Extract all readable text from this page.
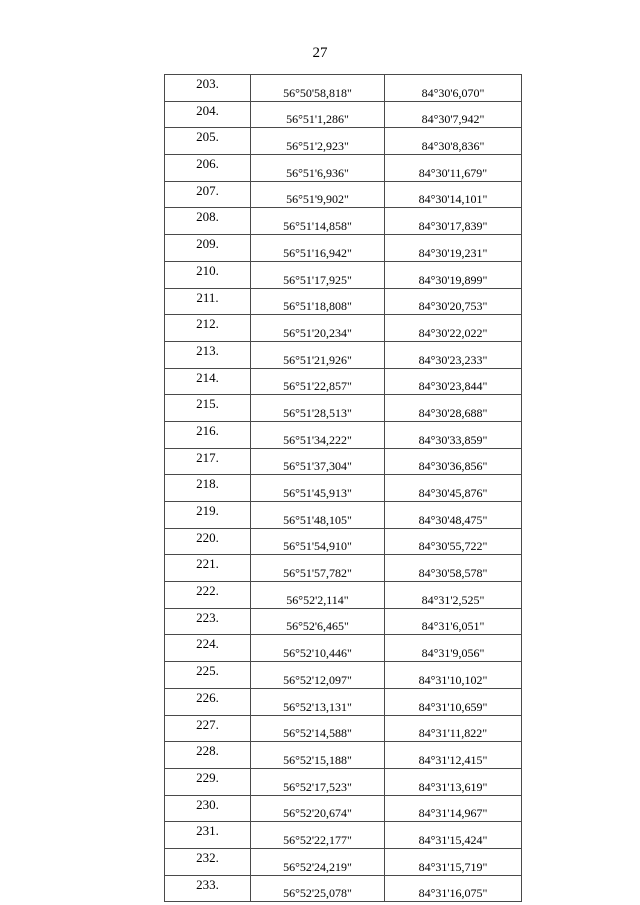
27
203.	56°50'58,818"	84°30'6,070"
204.	56°51'1,286"	84°30'7,942"
205.	56°51'2,923"	84°30'8,836"
206.	56°51'6,936"	84°30'11,679"
207.	56°51'9,902"	84°30'14,101"
208.	56°51'14,858"	84°30'17,839"
209.	56°51'16,942"	84°30'19,231"
210.	56°51'17,925"	84°30'19,899"
211.	56°51'18,808"	84°30'20,753"
212.	56°51'20,234"	84°30'22,022"
213.	56°51'21,926"	84°30'23,233"
214.	56°51'22,857"	84°30'23,844"
215.	56°51'28,513"	84°30'28,688"
216.	56°51'34,222"	84°30'33,859"
217.	56°51'37,304"	84°30'36,856"
218.	56°51'45,913"	84°30'45,876"
219.	56°51'48,105"	84°30'48,475"
220.	56°51'54,910"	84°30'55,722"
221.	56°51'57,782"	84°30'58,578"
222.	56°52'2,114"	84°31'2,525"
223.	56°52'6,465"	84°31'6,051"
224.	56°52'10,446"	84°31'9,056"
225.	56°52'12,097"	84°31'10,102"
226.	56°52'13,131"	84°31'10,659"
227.	56°52'14,588"	84°31'11,822"
228.	56°52'15,188"	84°31'12,415"
229.	56°52'17,523"	84°31'13,619"
230.	56°52'20,674"	84°31'14,967"
231.	56°52'22,177"	84°31'15,424"
232.	56°52'24,219"	84°31'15,719"
233.	56°52'25,078"	84°31'16,075"
